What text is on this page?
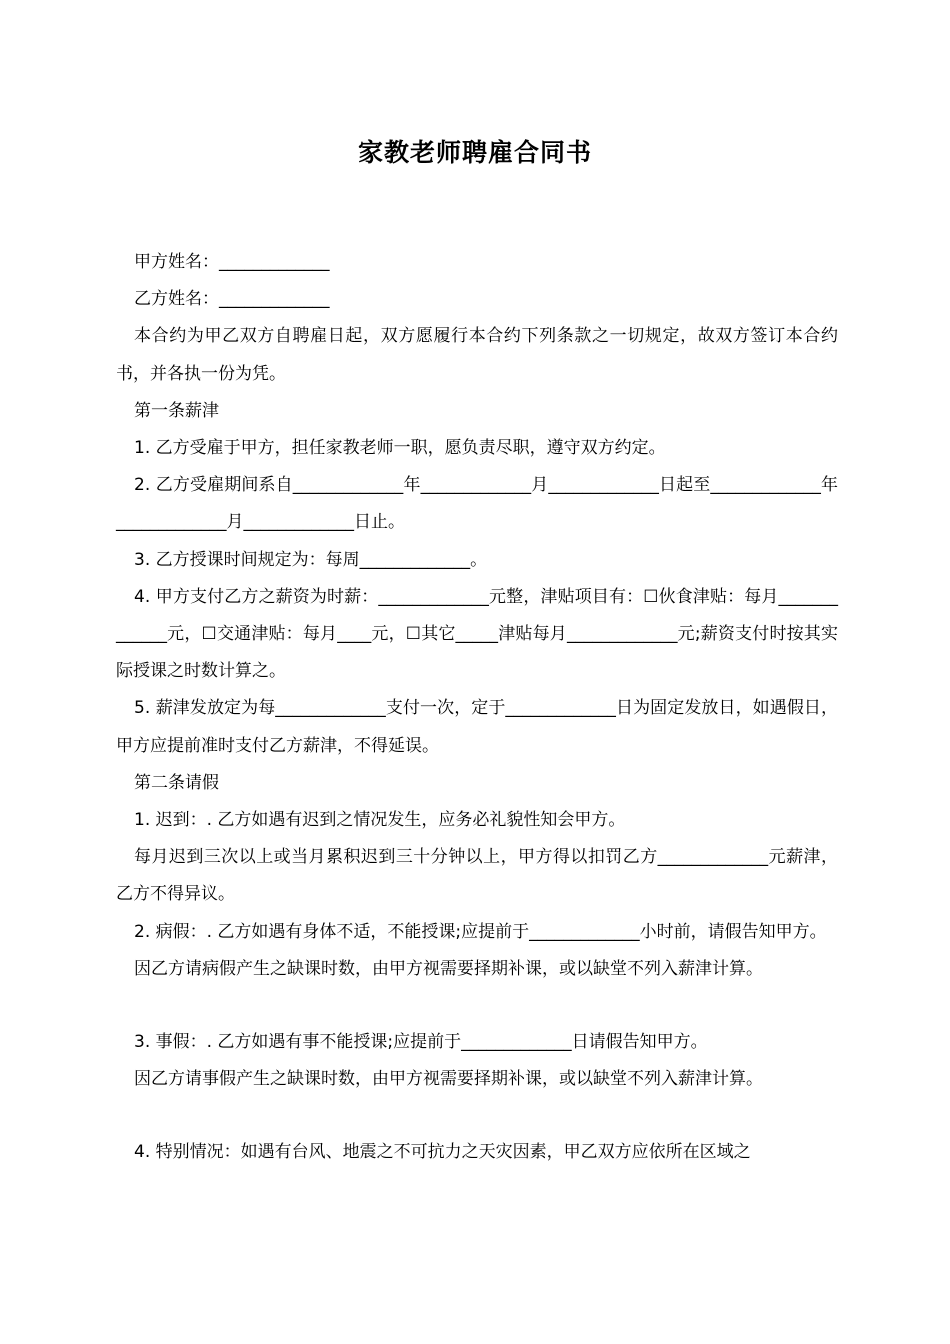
家教老师聘雇合同书

甲方姓名：_____________

乙方姓名：_____________

本合约为甲乙双方自聘雇日起，双方愿履行本合约下列条款之一切规定，故双方签订本合约书，并各执一份为凭。

第一条薪津

1. 乙方受雇于甲方，担任家教老师一职，愿负责尽职，遵守双方约定。

2. 乙方受雇期间系自_____________年_____________月_____________日起至_____________年_____________月_____________日止。

3. 乙方授课时间规定为：每周_____________。

4. 甲方支付乙方之薪资为时薪：_____________元整，津贴项目有：☐伙食津贴：每月_____________元，☐交通津贴：每月____元，☐其它_____津贴每月_____________元;薪资支付时按其实际授课之时数计算之。

5. 薪津发放定为每_____________支付一次，定于_____________日为固定发放日，如遇假日，甲方应提前准时支付乙方薪津，不得延误。

第二条请假

1. 迟到：. 乙方如遇有迟到之情况发生，应务必礼貌性知会甲方。

每月迟到三次以上或当月累积迟到三十分钟以上，甲方得以扣罚乙方_____________元薪津，乙方不得异议。

2. 病假：. 乙方如遇有身体不适，不能授课;应提前于_____________小时前，请假告知甲方。

因乙方请病假产生之缺课时数，由甲方视需要择期补课，或以缺堂不列入薪津计算。

3. 事假：. 乙方如遇有事不能授课;应提前于_____________日请假告知甲方。

因乙方请事假产生之缺课时数，由甲方视需要择期补课，或以缺堂不列入薪津计算。

4. 特别情况：如遇有台风、地震之不可抗力之天灾因素，甲乙双方应依所在区域之
